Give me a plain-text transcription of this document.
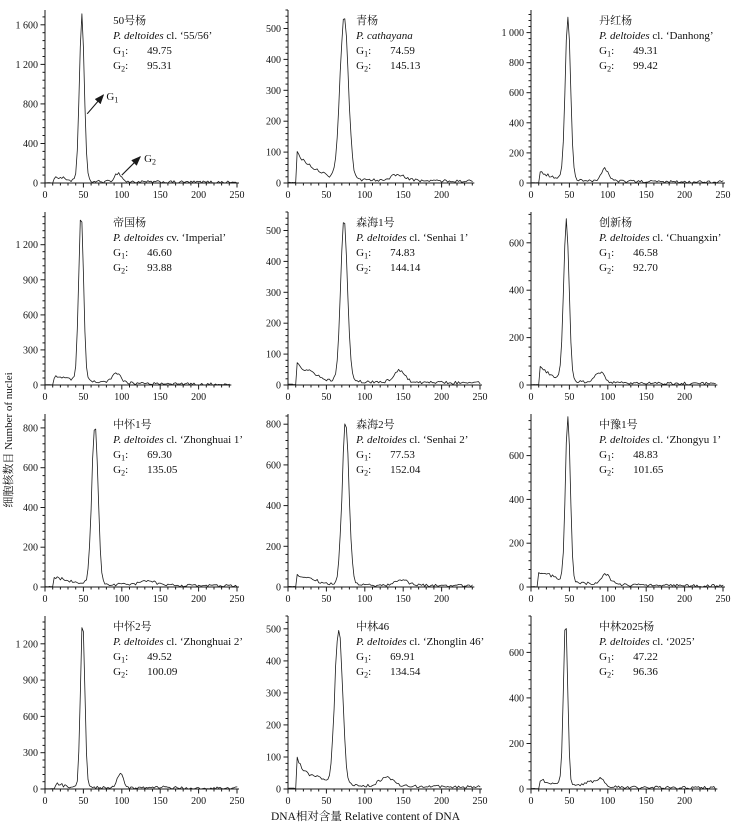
细胞核数目 Number of nuclei
0
400
800
1 200
1 600
0	50	100 150 200 250
$G_1$
$G_2$
50号杨
P. deltoides cl. ‘55/56’
$G_1$: 49.75
$G_2$: 95.31
0
100
200
300
400
500
0	50	100 150 200
青杨
P. cathayana
$G_1$: 74.59
$G_2$: 145.13
0
200
400
600
800
1 000
0	50	100 150 200 250
丹红杨
P. deltoides cl. ‘Danhong’
$G_1$: 49.31
$G_2$: 99.42
0
300
600
900
1 200
0	50	100 150 200
帝国杨
P. deltoides cv. ‘Imperial’
$G_1$: 46.60
$G_2$: 93.88
0
100
200
300
400
500
0	50	100 150 200 250
森海1号
P. deltoides cl. ‘Senhai 1’
$G_1$: 74.83
$G_2$: 144.14
0
200
400
600
0	50	100 150 200
创新杨
P. deltoides cl. ‘Chuangxin’
$G_1$: 46.58
$G_2$: 92.70
0
200
400
600
800
0	50	100 150 200 250
中怀1号
P. deltoides cl. ‘Zhonghuai 1’
$G_1$: 69.30
$G_2$: 135.05
0
200
400
600
800
0	50	100 150 200
森海2号
P. deltoides cl. ‘Senhai 2’
$G_1$: 77.53
$G_2$: 152.04
0
200
400
600
0	50	100 150 200 250
中豫1号
P. deltoides cl. ‘Zhongyu 1’
$G_1$: 48.83
$G_2$: 101.65
0
300
600
900
1 200
0	50	100 150 200 250
中怀2号
P. deltoides cl. ‘Zhonghuai 2’
$G_1$: 49.52
$G_2$: 100.09
0
100
200
300
400
500
0	50	100 150 200 250
中林46
P. deltoides cl. ‘Zhonglin 46’
$G_1$: 69.91
$G_2$: 134.54
0
200
400
600
0	50	100 150 200
中林2025杨
P. deltoides cl. ‘2025’
$G_1$: 47.22
$G_2$: 96.36
DNA相对含量 Relative content of DNA
